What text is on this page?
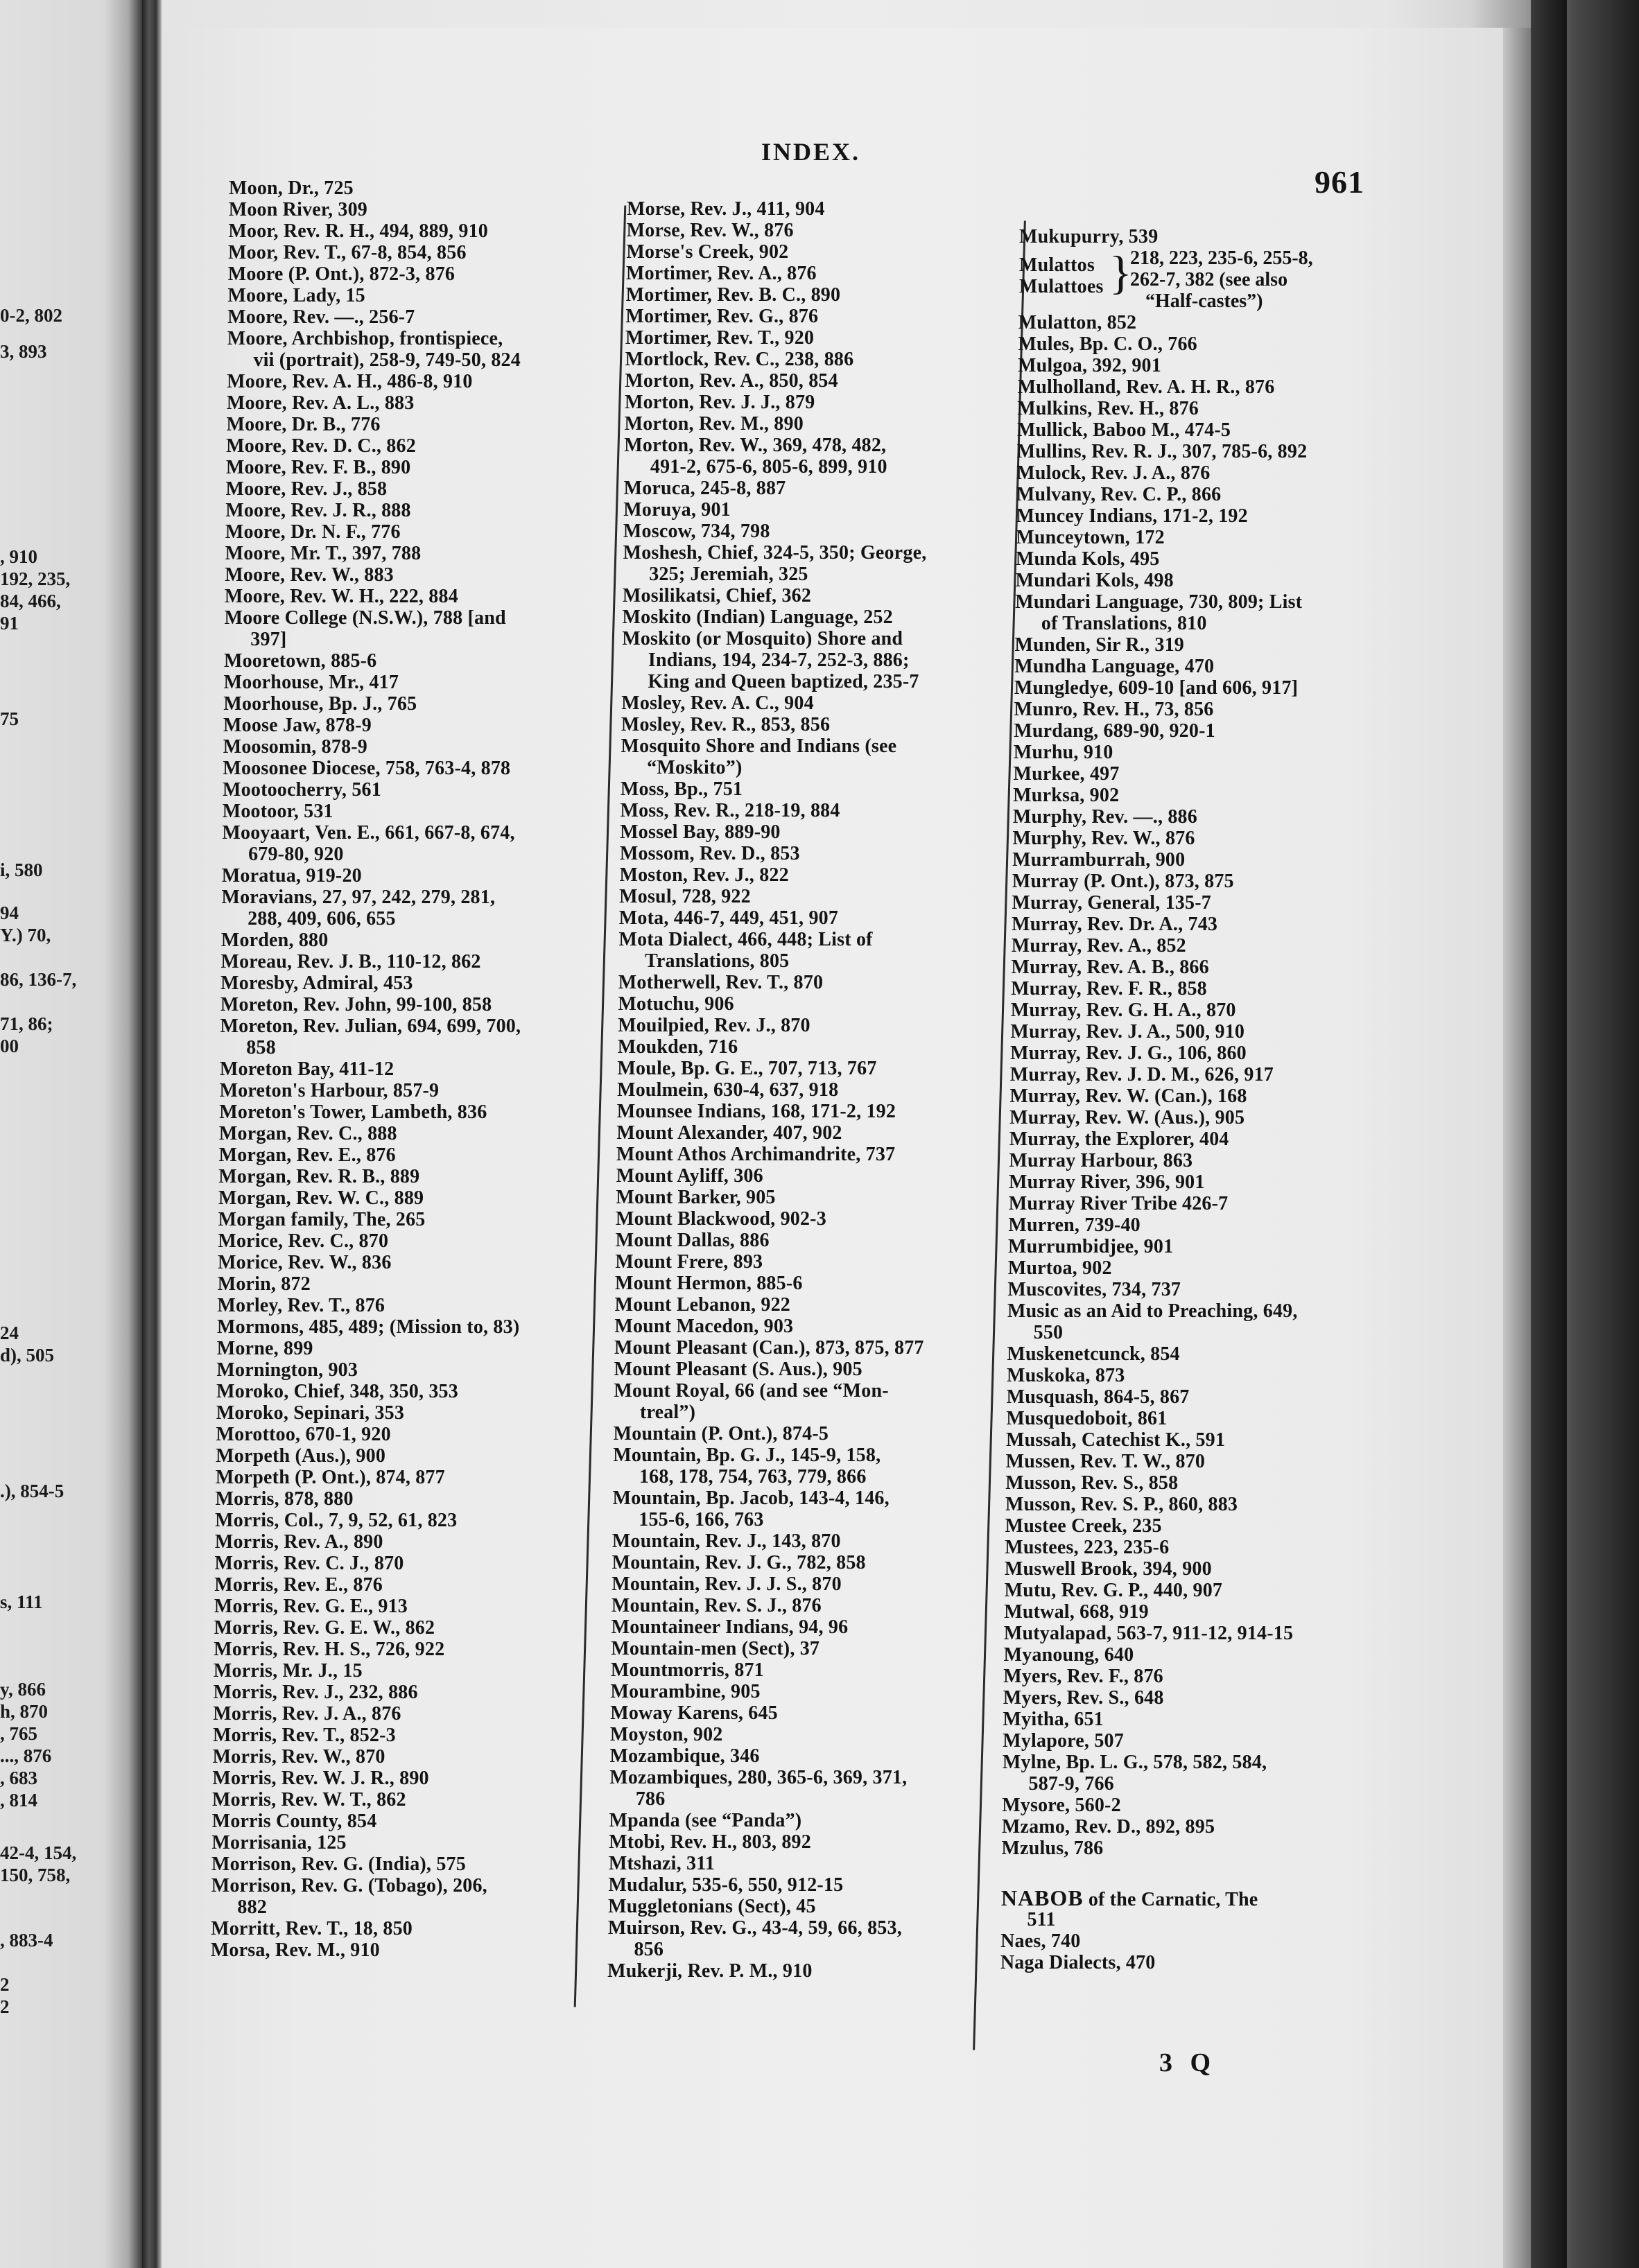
0-2, 802
3, 893
, 910
192, 235,
84, 466,
91
75
i, 580
94
Y.) 70,
86, 136-7,
71, 86;
00
24
d), 505
.), 854-5
s, 111
y, 866
h, 870
, 765
..., 876
, 683
, 814
42-4, 154,
150, 758,
, 883-4
2
2
INDEX.
961
Moon, Dr., 725
Moon River, 309
Moor, Rev. R. H., 494, 889, 910
Moor, Rev. T., 67-8, 854, 856
Moore (P. Ont.), 872-3, 876
Moore, Lady, 15
Moore, Rev. —., 256-7
Moore, Archbishop, frontispiece,
vii (portrait), 258-9, 749-50, 824
Moore, Rev. A. H., 486-8, 910
Moore, Rev. A. L., 883
Moore, Dr. B., 776
Moore, Rev. D. C., 862
Moore, Rev. F. B., 890
Moore, Rev. J., 858
Moore, Rev. J. R., 888
Moore, Dr. N. F., 776
Moore, Mr. T., 397, 788
Moore, Rev. W., 883
Moore, Rev. W. H., 222, 884
Moore College (N.S.W.), 788 [and
397]
Mooretown, 885-6
Moorhouse, Mr., 417
Moorhouse, Bp. J., 765
Moose Jaw, 878-9
Moosomin, 878-9
Moosonee Diocese, 758, 763-4, 878
Mootoocherry, 561
Mootoor, 531
Mooyaart, Ven. E., 661, 667-8, 674,
679-80, 920
Moratua, 919-20
Moravians, 27, 97, 242, 279, 281,
288, 409, 606, 655
Morden, 880
Moreau, Rev. J. B., 110-12, 862
Moresby, Admiral, 453
Moreton, Rev. John, 99-100, 858
Moreton, Rev. Julian, 694, 699, 700,
858
Moreton Bay, 411-12
Moreton's Harbour, 857-9
Moreton's Tower, Lambeth, 836
Morgan, Rev. C., 888
Morgan, Rev. E., 876
Morgan, Rev. R. B., 889
Morgan, Rev. W. C., 889
Morgan family, The, 265
Morice, Rev. C., 870
Morice, Rev. W., 836
Morin, 872
Morley, Rev. T., 876
Mormons, 485, 489; (Mission to, 83)
Morne, 899
Mornington, 903
Moroko, Chief, 348, 350, 353
Moroko, Sepinari, 353
Morottoo, 670-1, 920
Morpeth (Aus.), 900
Morpeth (P. Ont.), 874, 877
Morris, 878, 880
Morris, Col., 7, 9, 52, 61, 823
Morris, Rev. A., 890
Morris, Rev. C. J., 870
Morris, Rev. E., 876
Morris, Rev. G. E., 913
Morris, Rev. G. E. W., 862
Morris, Rev. H. S., 726, 922
Morris, Mr. J., 15
Morris, Rev. J., 232, 886
Morris, Rev. J. A., 876
Morris, Rev. T., 852-3
Morris, Rev. W., 870
Morris, Rev. W. J. R., 890
Morris, Rev. W. T., 862
Morris County, 854
Morrisania, 125
Morrison, Rev. G. (India), 575
Morrison, Rev. G. (Tobago), 206,
882
Morritt, Rev. T., 18, 850
Morsa, Rev. M., 910
Morse, Rev. J., 411, 904
Morse, Rev. W., 876
Morse's Creek, 902
Mortimer, Rev. A., 876
Mortimer, Rev. B. C., 890
Mortimer, Rev. G., 876
Mortimer, Rev. T., 920
Mortlock, Rev. C., 238, 886
Morton, Rev. A., 850, 854
Morton, Rev. J. J., 879
Morton, Rev. M., 890
Morton, Rev. W., 369, 478, 482,
491-2, 675-6, 805-6, 899, 910
Moruca, 245-8, 887
Moruya, 901
Moscow, 734, 798
Moshesh, Chief, 324-5, 350; George,
325; Jeremiah, 325
Mosilikatsi, Chief, 362
Moskito (Indian) Language, 252
Moskito (or Mosquito) Shore and
Indians, 194, 234-7, 252-3, 886;
King and Queen baptized, 235-7
Mosley, Rev. A. C., 904
Mosley, Rev. R., 853, 856
Mosquito Shore and Indians (see
“Moskito”)
Moss, Bp., 751
Moss, Rev. R., 218-19, 884
Mossel Bay, 889-90
Mossom, Rev. D., 853
Moston, Rev. J., 822
Mosul, 728, 922
Mota, 446-7, 449, 451, 907
Mota Dialect, 466, 448; List of
Translations, 805
Motherwell, Rev. T., 870
Motuchu, 906
Mouilpied, Rev. J., 870
Moukden, 716
Moule, Bp. G. E., 707, 713, 767
Moulmein, 630-4, 637, 918
Mounsee Indians, 168, 171-2, 192
Mount Alexander, 407, 902
Mount Athos Archimandrite, 737
Mount Ayliff, 306
Mount Barker, 905
Mount Blackwood, 902-3
Mount Dallas, 886
Mount Frere, 893
Mount Hermon, 885-6
Mount Lebanon, 922
Mount Macedon, 903
Mount Pleasant (Can.), 873, 875, 877
Mount Pleasant (S. Aus.), 905
Mount Royal, 66 (and see “Mon-
treal”)
Mountain (P. Ont.), 874-5
Mountain, Bp. G. J., 145-9, 158,
168, 178, 754, 763, 779, 866
Mountain, Bp. Jacob, 143-4, 146,
155-6, 166, 763
Mountain, Rev. J., 143, 870
Mountain, Rev. J. G., 782, 858
Mountain, Rev. J. J. S., 870
Mountain, Rev. S. J., 876
Mountaineer Indians, 94, 96
Mountain-men (Sect), 37
Mountmorris, 871
Mourambine, 905
Moway Karens, 645
Moyston, 902
Mozambique, 346
Mozambiques, 280, 365-6, 369, 371,
786
Mpanda (see “Panda”)
Mtobi, Rev. H., 803, 892
Mtshazi, 311
Mudalur, 535-6, 550, 912-15
Muggletonians (Sect), 45
Muirson, Rev. G., 43-4, 59, 66, 853,
856
Mukerji, Rev. P. M., 910
Mukupurry, 539
Mulattos
Mulattoes }
218, 223, 235-6, 255-8,
262-7, 382 (see also
“Half-castes”)
Mulatton, 852
Mules, Bp. C. O., 766
Mulgoa, 392, 901
Mulholland, Rev. A. H. R., 876
Mulkins, Rev. H., 876
Mullick, Baboo M., 474-5
Mullins, Rev. R. J., 307, 785-6, 892
Mulock, Rev. J. A., 876
Mulvany, Rev. C. P., 866
Muncey Indians, 171-2, 192
Munceytown, 172
Munda Kols, 495
Mundari Kols, 498
Mundari Language, 730, 809; List
of Translations, 810
Munden, Sir R., 319
Mundha Language, 470
Mungledye, 609-10 [and 606, 917]
Munro, Rev. H., 73, 856
Murdang, 689-90, 920-1
Murhu, 910
Murkee, 497
Murksa, 902
Murphy, Rev. —., 886
Murphy, Rev. W., 876
Murramburrah, 900
Murray (P. Ont.), 873, 875
Murray, General, 135-7
Murray, Rev. Dr. A., 743
Murray, Rev. A., 852
Murray, Rev. A. B., 866
Murray, Rev. F. R., 858
Murray, Rev. G. H. A., 870
Murray, Rev. J. A., 500, 910
Murray, Rev. J. G., 106, 860
Murray, Rev. J. D. M., 626, 917
Murray, Rev. W. (Can.), 168
Murray, Rev. W. (Aus.), 905
Murray, the Explorer, 404
Murray Harbour, 863
Murray River, 396, 901
Murray River Tribe 426-7
Murren, 739-40
Murrumbidjee, 901
Murtoa, 902
Muscovites, 734, 737
Music as an Aid to Preaching, 649,
550
Muskenetcunck, 854
Muskoka, 873
Musquash, 864-5, 867
Musquedoboit, 861
Mussah, Catechist K., 591
Mussen, Rev. T. W., 870
Musson, Rev. S., 858
Musson, Rev. S. P., 860, 883
Mustee Creek, 235
Mustees, 223, 235-6
Muswell Brook, 394, 900
Mutu, Rev. G. P., 440, 907
Mutwal, 668, 919
Mutyalapad, 563-7, 911-12, 914-15
Myanoung, 640
Myers, Rev. F., 876
Myers, Rev. S., 648
Myitha, 651
Mylapore, 507
Mylne, Bp. L. G., 578, 582, 584,
587-9, 766
Mysore, 560-2
Mzamo, Rev. D., 892, 895
Mzulus, 786
NABOB of the Carnatic, The
511
Naes, 740
Naga Dialects, 470
3 Q
